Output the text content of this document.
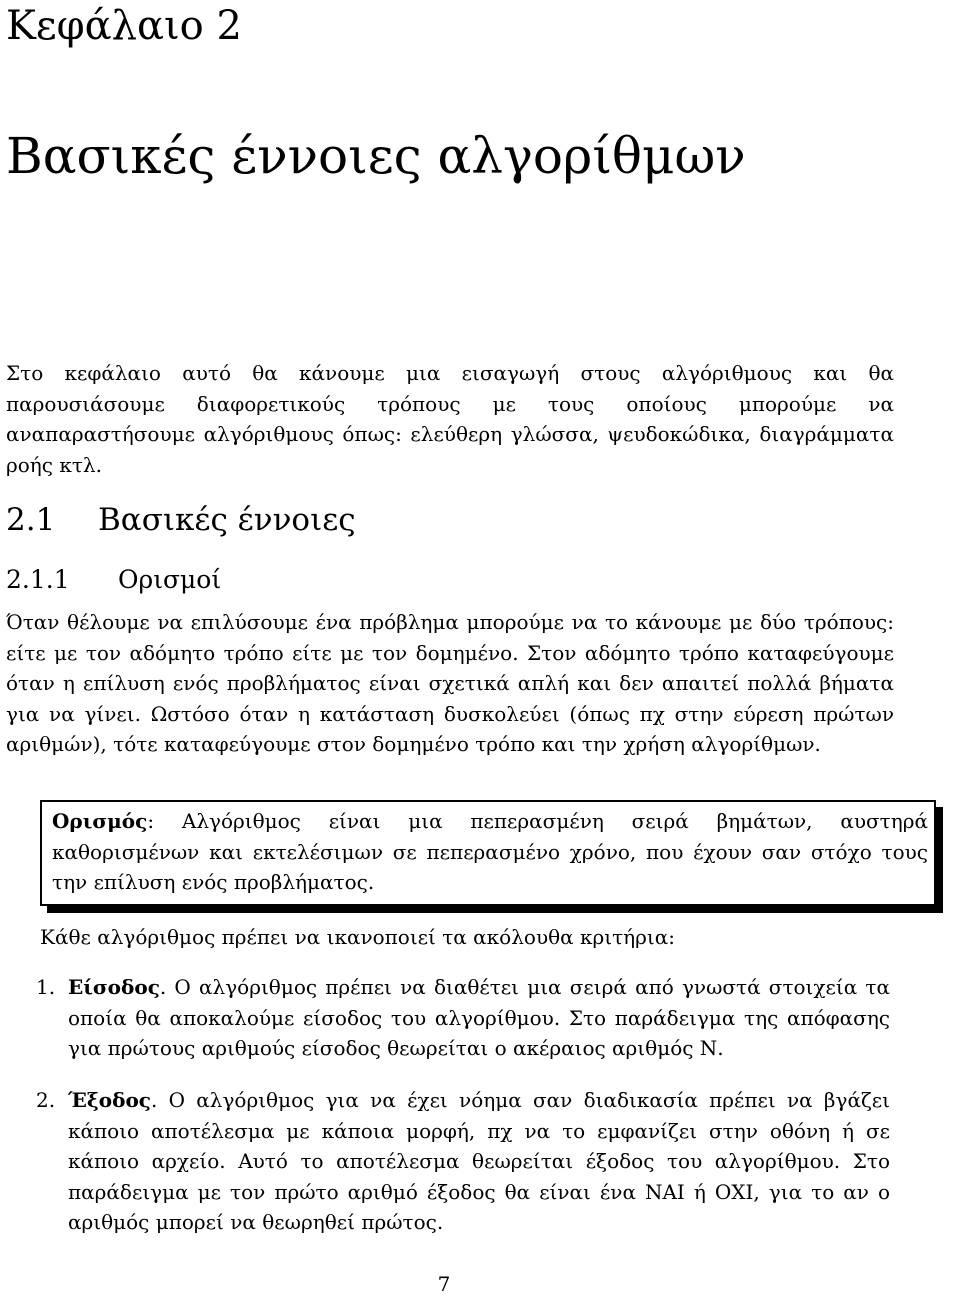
Κεφάλαιο 2
Βασικές έννοιες αλγορίθμων

Στο κεφάλαιο αυτό θα κάνουμε μια εισαγωγή στους αλγόριθμους και θα παρουσιάσουμε διαφορετικούς τρόπους με τους οποίους μπορούμε να αναπαραστήσουμε αλγόριθμους όπως: ελεύθερη γλώσσα, ψευδοκώδικα, διαγράμματα ροής κτλ.

2.1 Βασικές έννοιες
2.1.1 Ορισμοί

Όταν θέλουμε να επιλύσουμε ένα πρόβλημα μπορούμε να το κάνουμε με δύο τρόπους: είτε με τον αδόμητο τρόπο είτε με τον δομημένο. Στον αδόμητο τρόπο καταφεύγουμε όταν η επίλυση ενός προβλήματος είναι σχετικά απλή και δεν απαιτεί πολλά βήματα για να γίνει. Ωστόσο όταν η κατάσταση δυσκολεύει (όπως πχ στην εύρεση πρώτων αριθμών), τότε καταφεύγουμε στον δομημένο τρόπο και την χρήση αλγορίθμων.

Ορισμός: Αλγόριθμος είναι μια πεπερασμένη σειρά βημάτων, αυστηρά καθορισμένων και εκτελέσιμων σε πεπερασμένο χρόνο, που έχουν σαν στόχο τους την επίλυση ενός προβλήματος.

Κάθε αλγόριθμος πρέπει να ικανοποιεί τα ακόλουθα κριτήρια:

1. Είσοδος. Ο αλγόριθμος πρέπει να διαθέτει μια σειρά από γνωστά στοιχεία τα οποία θα αποκαλούμε είσοδος του αλγορίθμου. Στο παράδειγμα της απόφασης για πρώτους αριθμούς είσοδος θεωρείται ο ακέραιος αριθμός Ν.

2. Έξοδος. Ο αλγόριθμος για να έχει νόημα σαν διαδικασία πρέπει να βγάζει κάποιο αποτέλεσμα με κάποια μορφή, πχ να το εμφανίζει στην οθόνη ή σε κάποιο αρχείο. Αυτό το αποτέλεσμα θεωρείται έξοδος του αλγορίθμου. Στο παράδειγμα με τον πρώτο αριθμό έξοδος θα είναι ένα ΝΑΙ ή ΟΧΙ, για το αν ο αριθμός μπορεί να θεωρηθεί πρώτος.

7
